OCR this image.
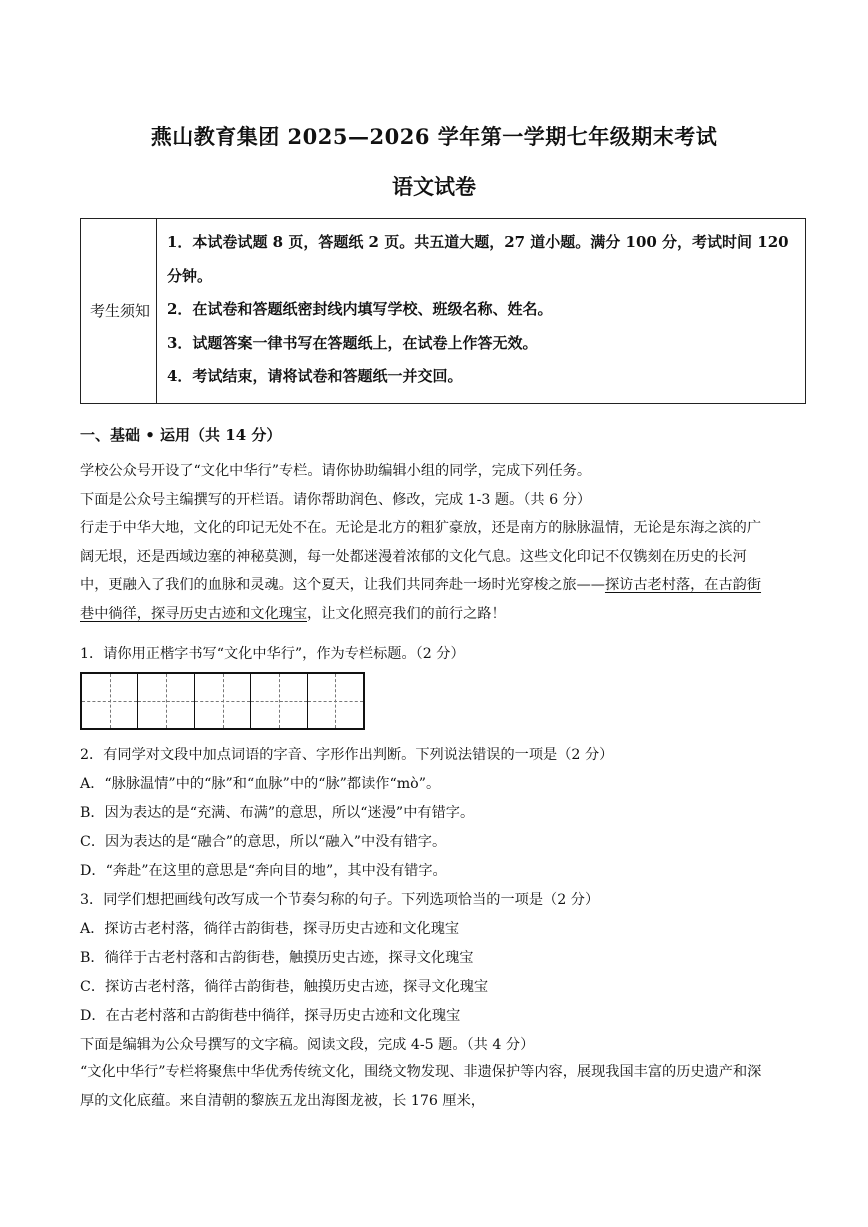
燕山教育集团 2025—2026 学年第一学期七年级期末考试
语文试卷
考生须知
1．本试卷试题 8 页，答题纸 2 页。共五道大题，27 道小题。满分 100 分，考试时间 120 分钟。
2．在试卷和答题纸密封线内填写学校、班级名称、姓名。
3．试题答案一律书写在答题纸上，在试卷上作答无效。
4．考试结束，请将试卷和答题纸一并交回。
一、基础 • 运用（共 14 分）
学校公众号开设了“文化中华行”专栏。请你协助编辑小组的同学，完成下列任务。
下面是公众号主编撰写的开栏语。请你帮助润色、修改，完成 1-3 题。（共 6 分）
行走于中华大地，文化的印记无处不在。无论是北方的粗犷豪放，还是南方的脉脉温情，无论是东海之滨的广阔无垠，还是西域边塞的神秘莫测，每一处都迷漫着浓郁的文化气息。这些文化印记不仅镌刻在历史的长河中，更融入了我们的血脉和灵魂。这个夏天，让我们共同奔赴一场时光穿梭之旅——探访古老村落，在古韵街巷中徜徉，探寻历史古迹和文化瑰宝，让文化照亮我们的前行之路！
1．请你用正楷字书写“文化中华行”，作为专栏标题。（2 分）
2．有同学对文段中加点词语的字音、字形作出判断。下列说法错误的一项是（2 分）
A．“脉脉温情”中的“脉”和“血脉”中的“脉”都读作“mò”。
B．因为表达的是“充满、布满”的意思，所以“迷漫”中有错字。
C．因为表达的是“融合”的意思，所以“融入”中没有错字。
D．“奔赴”在这里的意思是“奔向目的地”，其中没有错字。
3．同学们想把画线句改写成一个节奏匀称的句子。下列选项恰当的一项是（2 分）
A．探访古老村落，徜徉古韵街巷，探寻历史古迹和文化瑰宝
B．徜徉于古老村落和古韵街巷，触摸历史古迹，探寻文化瑰宝
C．探访古老村落，徜徉古韵街巷，触摸历史古迹，探寻文化瑰宝
D．在古老村落和古韵街巷中徜徉，探寻历史古迹和文化瑰宝
下面是编辑为公众号撰写的文字稿。阅读文段，完成 4-5 题。（共 4 分）
“文化中华行”专栏将聚焦中华优秀传统文化，围绕文物发现、非遗保护等内容，展现我国丰富的历史遗产和深厚的文化底蕴。来自清朝的黎族五龙出海图龙被，长 176 厘米，
